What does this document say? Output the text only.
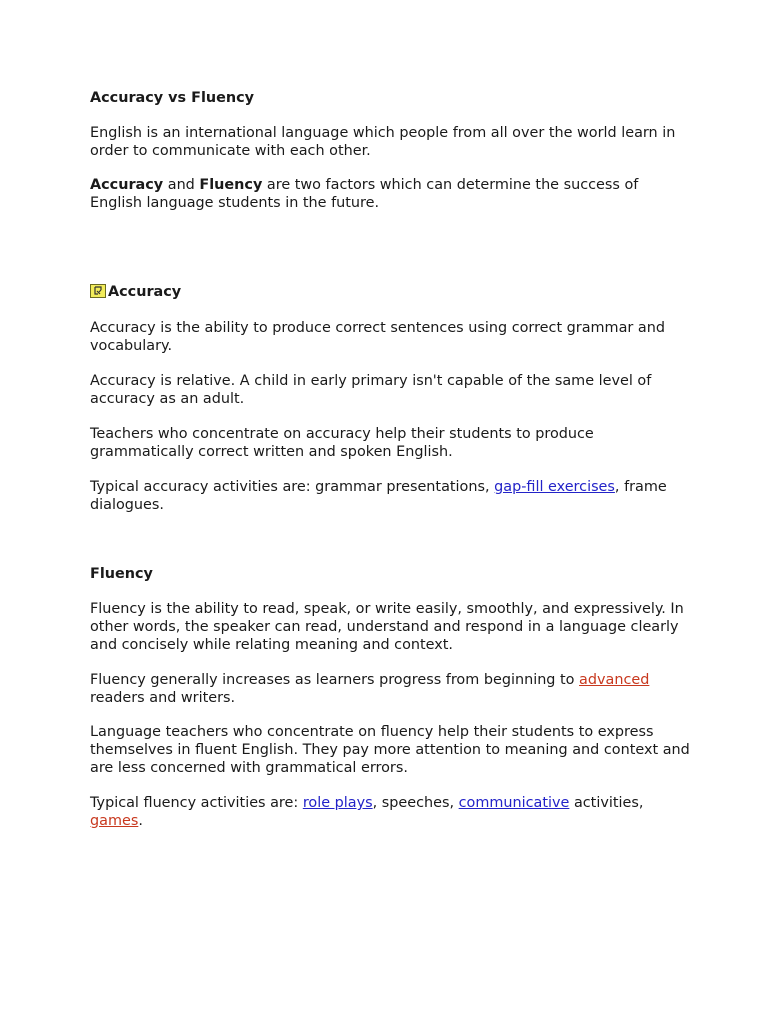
Accuracy vs Fluency

English is an international language which people from all over the world learn in order to communicate with each other.

Accuracy and Fluency are two factors which can determine the success of English language students in the future.

Accuracy

Accuracy is the ability to produce correct sentences using correct grammar and vocabulary.

Accuracy is relative. A child in early primary isn't capable of the same level of accuracy as an adult.

Teachers who concentrate on accuracy help their students to produce grammatically correct written and spoken English.

Typical accuracy activities are: grammar presentations, gap-fill exercises, frame dialogues.

Fluency

Fluency is the ability to read, speak, or write easily, smoothly, and expressively. In other words, the speaker can read, understand and respond in a language clearly and concisely while relating meaning and context.

Fluency generally increases as learners progress from beginning to advanced readers and writers.

Language teachers who concentrate on fluency help their students to express themselves in fluent English. They pay more attention to meaning and context and are less concerned with grammatical errors.

Typical fluency activities are: role plays, speeches, communicative activities, games.
